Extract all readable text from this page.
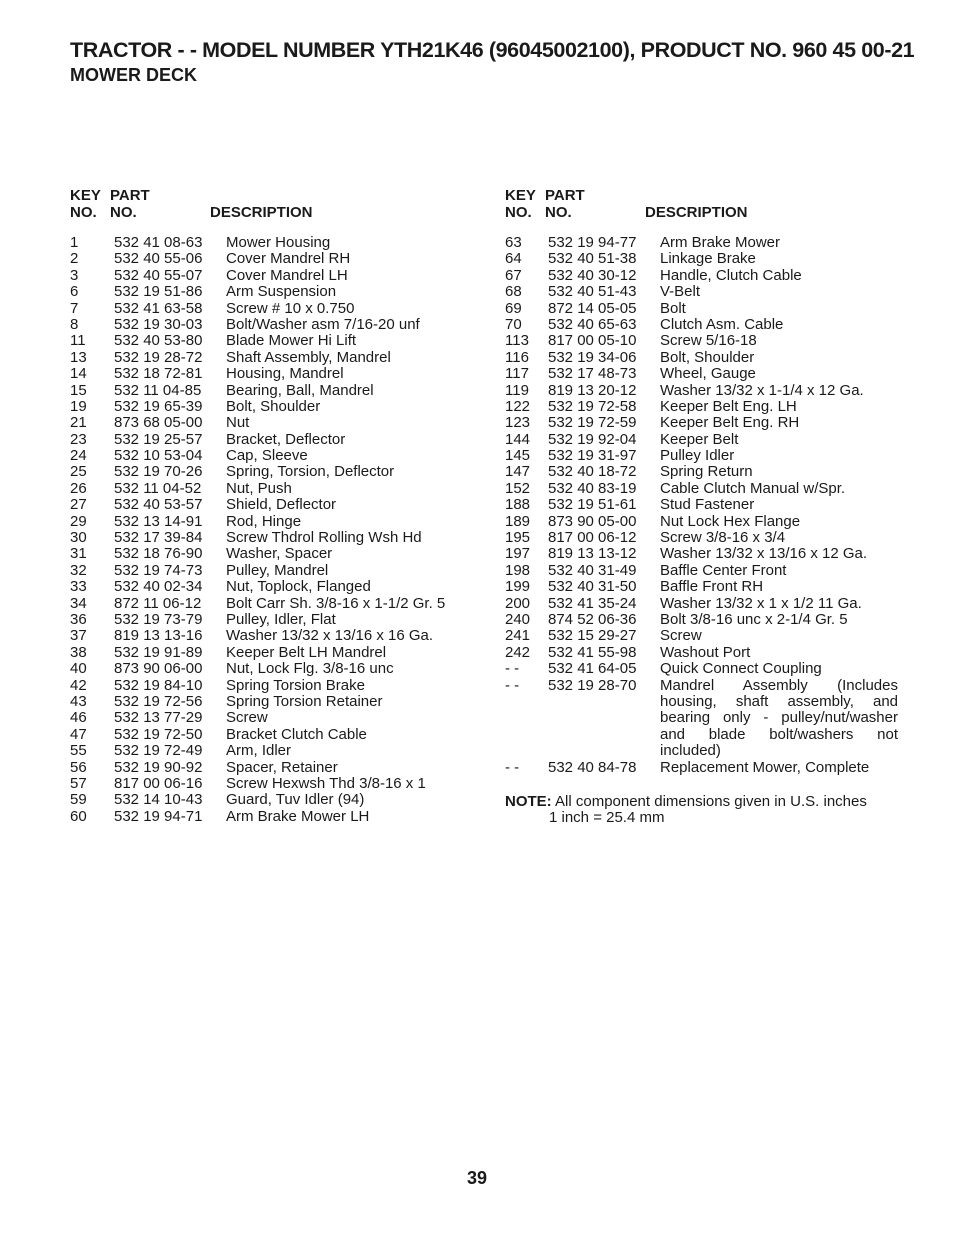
TRACTOR - - MODEL NUMBER YTH21K46 (96045002100), PRODUCT NO. 960 45 00-21
MOWER DECK
KEY
NO.
PART
NO.	DESCRIPTION
1 532 41 08-63 Mower Housing
2 532 40 55-06 Cover Mandrel RH
3 532 40 55-07 Cover Mandrel LH
6 532 19 51-86 Arm Suspension
7 532 41 63-58 Screw # 10 x 0.750
8 532 19 30-03 Bolt/Washer asm 7/16-20 unf
11 532 40 53-80 Blade Mower Hi Lift
13 532 19 28-72 Shaft Assembly, Mandrel
14 532 18 72-81 Housing, Mandrel
15 532 11 04-85 Bearing, Ball, Mandrel
19 532 19 65-39 Bolt, Shoulder
21 873 68 05-00 Nut
23 532 19 25-57 Bracket, Deflector
24 532 10 53-04 Cap, Sleeve
25 532 19 70-26 Spring, Torsion, Deflector
26 532 11 04-52 Nut, Push
27 532 40 53-57 Shield, Deflector
29 532 13 14-91 Rod, Hinge
30 532 17 39-84 Screw Thdrol Rolling Wsh Hd
31 532 18 76-90 Washer, Spacer
32 532 19 74-73 Pulley, Mandrel
33 532 40 02-34 Nut, Toplock, Flanged
34 872 11 06-12 Bolt Carr Sh. 3/8-16 x 1-1/2 Gr. 5
36 532 19 73-79 Pulley, Idler, Flat
37 819 13 13-16 Washer 13/32 x 13/16 x 16 Ga.
38 532 19 91-89 Keeper Belt LH Mandrel
40 873 90 06-00 Nut, Lock Flg. 3/8-16 unc
42 532 19 84-10 Spring Torsion Brake
43 532 19 72-56 Spring Torsion Retainer
46 532 13 77-29 Screw
47 532 19 72-50 Bracket Clutch Cable
55 532 19 72-49 Arm, Idler
56 532 19 90-92 Spacer, Retainer
57 817 00 06-16 Screw Hexwsh Thd 3/8-16 x 1
59 532 14 10-43 Guard, Tuv Idler (94)
60 532 19 94-71 Arm Brake Mower LH
KEY
NO.
PART
NO.	DESCRIPTION
63 532 19 94-77 Arm Brake Mower
64 532 40 51-38 Linkage Brake
67 532 40 30-12 Handle, Clutch Cable
68 532 40 51-43 V-Belt
69 872 14 05-05 Bolt
70 532 40 65-63 Clutch Asm. Cable
113 817 00 05-10 Screw 5/16-18
116 532 19 34-06 Bolt, Shoulder
117 532 17 48-73 Wheel, Gauge
119 819 13 20-12 Washer 13/32 x 1-1/4 x 12 Ga.
122 532 19 72-58 Keeper Belt Eng. LH
123 532 19 72-59 Keeper Belt Eng. RH
144 532 19 92-04 Keeper Belt
145 532 19 31-97 Pulley Idler
147 532 40 18-72 Spring Return
152 532 40 83-19 Cable Clutch Manual w/Spr.
188 532 19 51-61 Stud Fastener
189 873 90 05-00 Nut Lock Hex Flange
195 817 00 06-12 Screw 3/8-16 x 3/4
197 819 13 13-12 Washer 13/32 x 13/16 x 12 Ga.
198 532 40 31-49 Baffle Center Front
199 532 40 31-50 Baffle Front RH
200 532 41 35-24 Washer 13/32 x 1 x 1/2 11 Ga.
240 874 52 06-36 Bolt 3/8-16 unc x 2-1/4 Gr. 5
241 532 15 29-27 Screw
242 532 41 55-98 Washout Port
- - 532 41 64-05 Quick Connect Coupling
- - 532 19 28-70 Mandrel Assembly (Includes housing, shaft assembly, and bearing only - pulley/nut/washer and blade bolt/washers not included)
- - 532 40 84-78 Replacement Mower, Complete
NOTE: All component dimensions given in U.S. inches
1 inch = 25.4 mm
39
